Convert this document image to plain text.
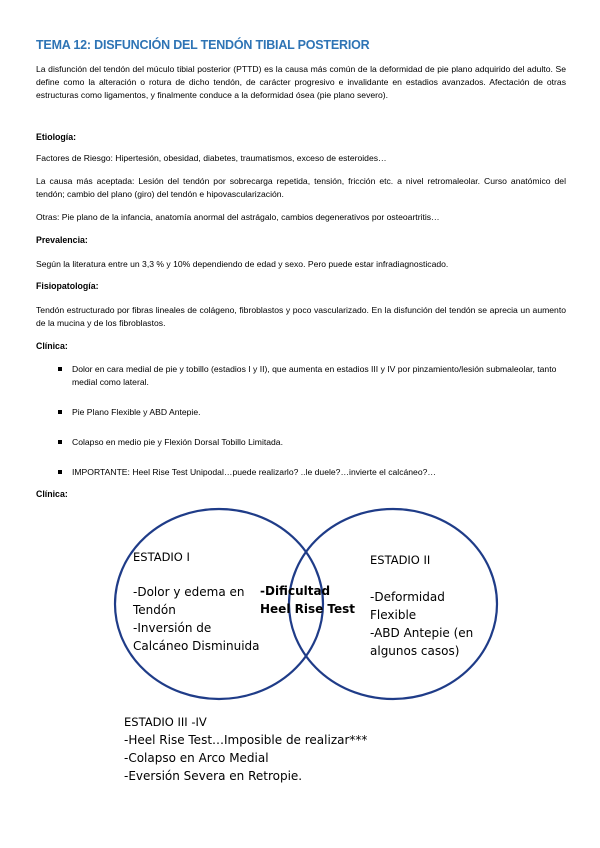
TEMA 12: DISFUNCIÓN DEL TENDÓN TIBIAL POSTERIOR
La disfunción del tendón del múculo tibial posterior (PTTD) es la causa más común de la deformidad de pie plano adquirido del adulto. Se define como la alteración o rotura de dicho tendón, de carácter progresivo e invalidante en estadios avanzados. Afectación de otras estructuras como ligamentos, y finalmente conduce a la deformidad ósea (pie plano severo).
Etiología:
Factores de Riesgo: Hipertesión, obesidad, diabetes, traumatismos, exceso de esteroides…
La causa más aceptada: Lesión del tendón por sobrecarga repetida, tensión, fricción etc. a nivel retromaleolar. Curso anatómico del tendón; cambio del plano (giro) del tendón e hipovascularización.
Otras: Pie plano de la infancia, anatomía anormal del astrágalo, cambios degenerativos por osteoartritis…
Prevalencia:
Según la literatura entre un 3,3 % y 10% dependiendo de edad y sexo. Pero puede estar infradiagnosticado.
Fisiopatología:
Tendón estructurado por fibras lineales de colágeno, fibroblastos y poco vascularizado. En la disfunción del tendón se aprecia un aumento de la mucina y de los fibroblastos.
Clínica:
Dolor en cara medial de pie y tobillo (estadios I y II), que aumenta en estadios III y IV por pinzamiento/lesión submaleolar, tanto medial como lateral.
Pie Plano Flexible y ABD Antepie.
Colapso en medio pie y Flexión Dorsal Tobillo Limitada.
IMPORTANTE: Heel Rise Test Unipodal…puede realizarlo? ..le duele?…invierte el calcáneo?…
Clínica:
ESTADIO I
-Dolor y edema en
Tendón
-Inversión de
Calcáneo Disminuida
-Dificultad
Heel Rise Test
ESTADIO II
-Deformidad
Flexible
-ABD Antepie (en
algunos casos)
ESTADIO III -IV
-Heel Rise Test…Imposible de realizar***
-Colapso en Arco Medial
-Eversión Severa en Retropie.
